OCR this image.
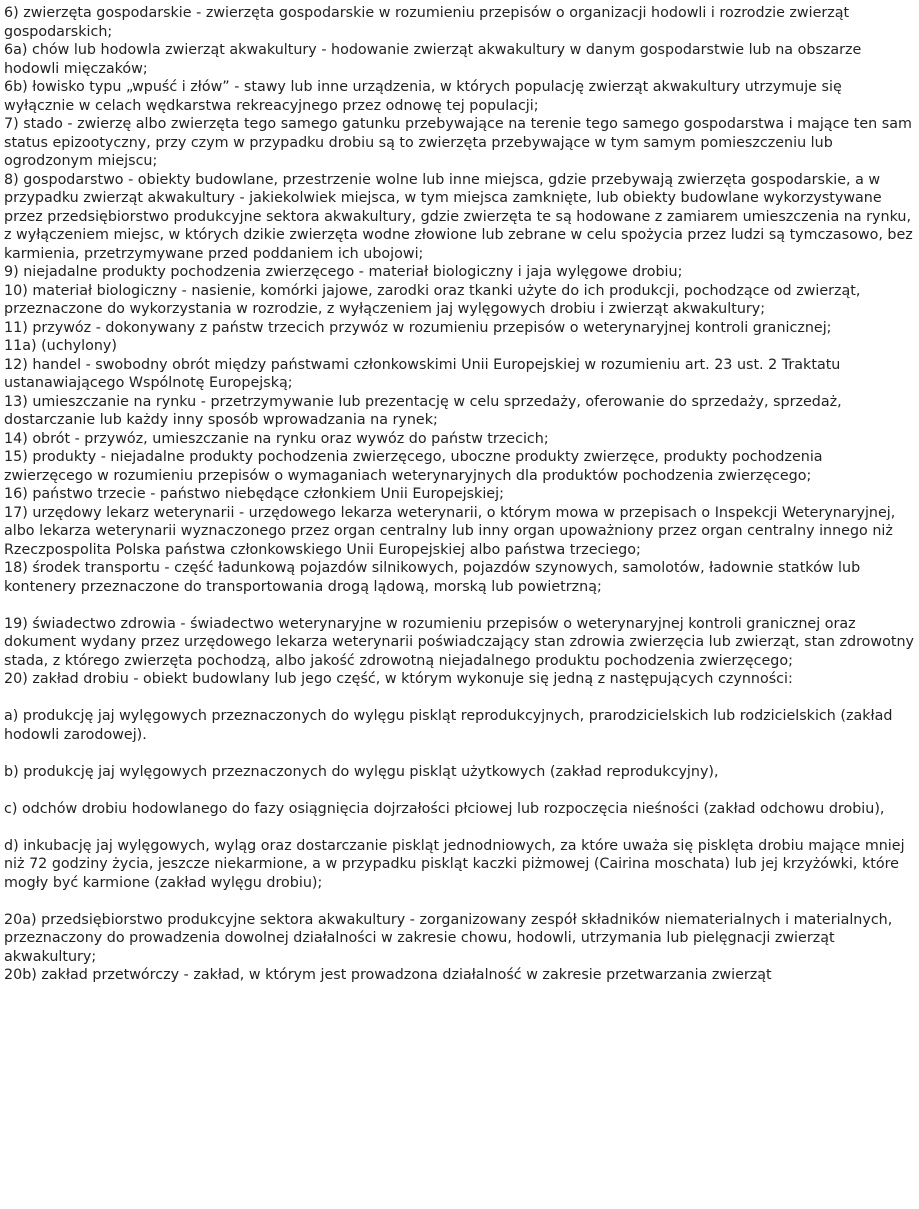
6) zwierzęta gospodarskie - zwierzęta gospodarskie w rozumieniu przepisów o organizacji hodowli i rozrodzie zwierząt gospodarskich;

6a) chów lub hodowla zwierząt akwakultury - hodowanie zwierząt akwakultury w danym gospodarstwie lub na obszarze hodowli mięczaków;

6b) łowisko typu „wpuść i złów” - stawy lub inne urządzenia, w których populację zwierząt akwakultury utrzymuje się wyłącznie w celach wędkarstwa rekreacyjnego przez odnowę tej populacji;

7) stado - zwierzę albo zwierzęta tego samego gatunku przebywające na terenie tego samego gospodarstwa i mające ten sam status epizootyczny, przy czym w przypadku drobiu są to zwierzęta przebywające w tym samym pomieszczeniu lub ogrodzonym miejscu;

8) gospodarstwo - obiekty budowlane, przestrzenie wolne lub inne miejsca, gdzie przebywają zwierzęta gospodarskie, a w przypadku zwierząt akwakultury - jakiekolwiek miejsca, w tym miejsca zamknięte, lub obiekty budowlane wykorzystywane przez przedsiębiorstwo produkcyjne sektora akwakultury, gdzie zwierzęta te są hodowane z zamiarem umieszczenia na rynku, z wyłączeniem miejsc, w których dzikie zwierzęta wodne złowione lub zebrane w celu spożycia przez ludzi są tymczasowo, bez karmienia, przetrzymywane przed poddaniem ich ubojowi;

9) niejadalne produkty pochodzenia zwierzęcego - materiał biologiczny i jaja wylęgowe drobiu;

10) materiał biologiczny - nasienie, komórki jajowe, zarodki oraz tkanki użyte do ich produkcji, pochodzące od zwierząt, przeznaczone do wykorzystania w rozrodzie, z wyłączeniem jaj wylęgowych drobiu i zwierząt akwakultury;

11) przywóz - dokonywany z państw trzecich przywóz w rozumieniu przepisów o weterynaryjnej kontroli granicznej;

11a) (uchylony)

12) handel - swobodny obrót między państwami członkowskimi Unii Europejskiej w rozumieniu art. 23 ust. 2 Traktatu ustanawiającego Wspólnotę Europejską;

13) umieszczanie na rynku - przetrzymywanie lub prezentację w celu sprzedaży, oferowanie do sprzedaży, sprzedaż, dostarczanie lub każdy inny sposób wprowadzania na rynek;

14) obrót - przywóz, umieszczanie na rynku oraz wywóz do państw trzecich;

15) produkty - niejadalne produkty pochodzenia zwierzęcego, uboczne produkty zwierzęce, produkty pochodzenia zwierzęcego w rozumieniu przepisów o wymaganiach weterynaryjnych dla produktów pochodzenia zwierzęcego;

16) państwo trzecie - państwo niebędące członkiem Unii Europejskiej;

17) urzędowy lekarz weterynarii - urzędowego lekarza weterynarii, o którym mowa w przepisach o Inspekcji Weterynaryjnej, albo lekarza weterynarii wyznaczonego przez organ centralny lub inny organ upoważniony przez organ centralny innego niż Rzeczpospolita Polska państwa członkowskiego Unii Europejskiej albo państwa trzeciego;

18) środek transportu - część ładunkową pojazdów silnikowych, pojazdów szynowych, samolotów, ładownie statków lub kontenery przeznaczone do transportowania drogą lądową, morską lub powietrzną;

19) świadectwo zdrowia - świadectwo weterynaryjne w rozumieniu przepisów o weterynaryjnej kontroli granicznej oraz dokument wydany przez urzędowego lekarza weterynarii poświadczający stan zdrowia zwierzęcia lub zwierząt, stan zdrowotny stada, z którego zwierzęta pochodzą, albo jakość zdrowotną niejadalnego produktu pochodzenia zwierzęcego;

20) zakład drobiu - obiekt budowlany lub jego część, w którym wykonuje się jedną z następujących czynności:

a) produkcję jaj wylęgowych przeznaczonych do wylęgu piskląt reprodukcyjnych, prarodzicielskich lub rodzicielskich (zakład hodowli zarodowej).

b) produkcję jaj wylęgowych przeznaczonych do wylęgu piskląt użytkowych (zakład reprodukcyjny),

c) odchów drobiu hodowlanego do fazy osiągnięcia dojrzałości płciowej lub rozpoczęcia nieśności (zakład odchowu drobiu),

d) inkubację jaj wylęgowych, wyląg oraz dostarczanie piskląt jednodniowych, za które uważa się pisklęta drobiu mające mniej niż 72 godziny życia, jeszcze niekarmione, a w przypadku piskląt kaczki piżmowej (Cairina moschata) lub jej krzyżówki, które mogły być karmione (zakład wylęgu drobiu);

20a) przedsiębiorstwo produkcyjne sektora akwakultury - zorganizowany zespół składników niematerialnych i materialnych, przeznaczony do prowadzenia dowolnej działalności w zakresie chowu, hodowli, utrzymania lub pielęgnacji zwierząt akwakultury;

20b) zakład przetwórczy - zakład, w którym jest prowadzona działalność w zakresie przetwarzania zwierząt
